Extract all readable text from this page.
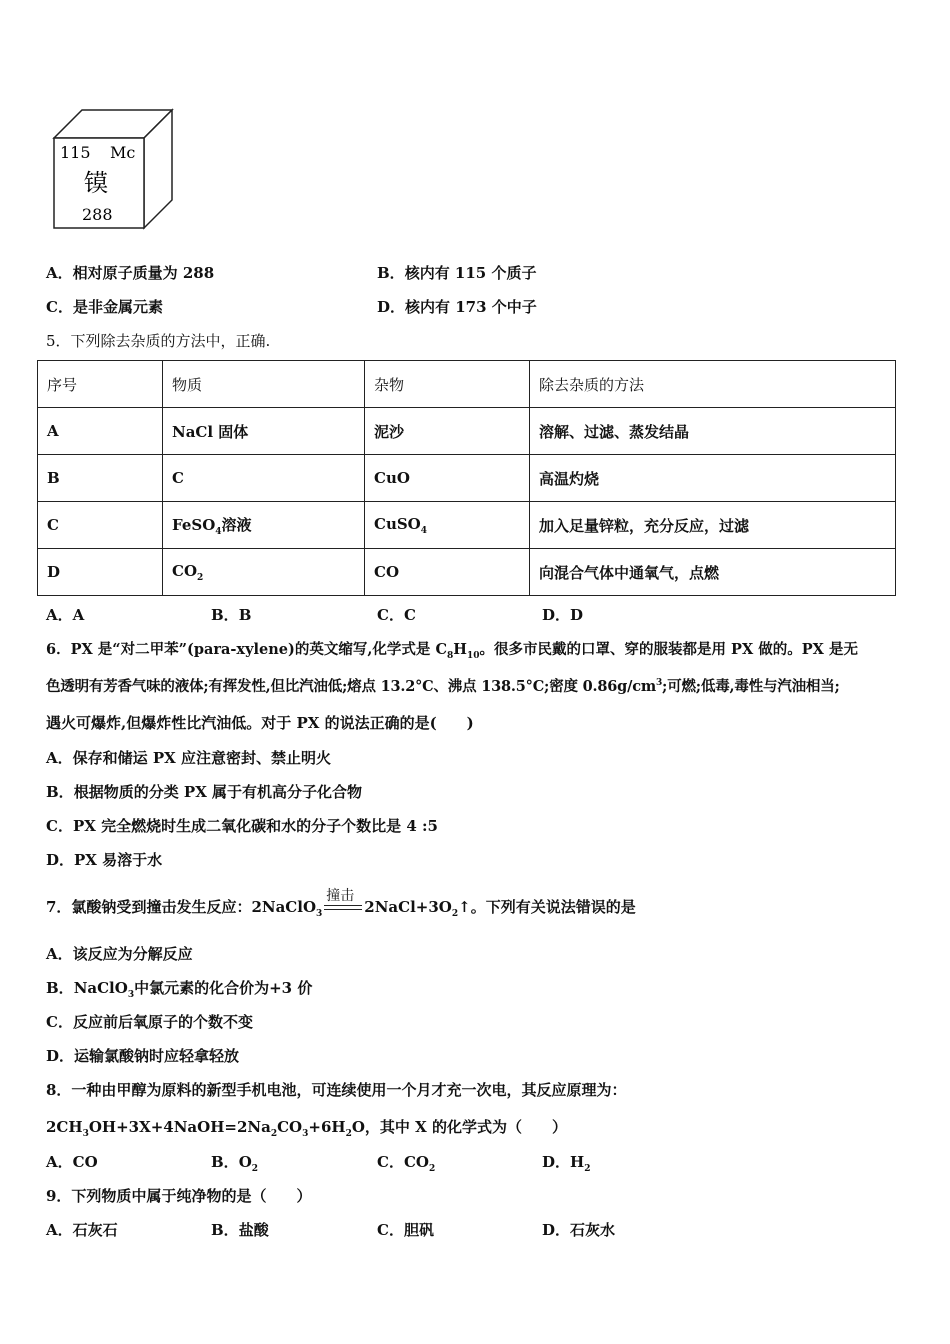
115 Mc
镆
288
A．相对原子质量为 288	B．核内有 115 个质子
C．是非金属元素	D．核内有 173 个中子
5．下列除去杂质的方法中，正确.
序号	物质	杂物	除去杂质的方法
A	NaCl 固体	泥沙	溶解、过滤、蒸发结晶
B	C	CuO	高温灼烧
C	FeSO$_4$溶液	CuSO$_4$	加入足量锌粒，充分反应，过滤
D	$CO_2$	CO	向混合气体中通氧气，点燃
A．A	B．B	C．C	D．D
6．PX 是“对二甲苯”(para-xylene)的英文缩写,化学式是 $C_8H_{10}$。很多市民戴的口罩、穿的服装都是用 PX 做的。PX 是无
色透明有芳香气味的液体;有挥发性,但比汽油低;熔点 13.2°C、沸点 138.5°C;密度 $0.86g/cm^3$;可燃;低毒,毒性与汽油相当;
遇火可爆炸,但爆炸性比汽油低。对于 PX 的说法正确的是(　　)
A．保存和储运 PX 应注意密封、禁止明火
B．根据物质的分类 PX 属于有机高分子化合物
C．PX 完全燃烧时生成二氧化碳和水的分子个数比是 4 :5
D．PX 易溶于水
7．氯酸钠受到撞击发生反应：2NaClO$_3$
撞击
$2NaCl+3O_2↑$。下列有关说法错误的是
A．该反应为分解反应
B．NaClO$_3$中氯元素的化合价为+3 价
C．反应前后氧原子的个数不变
D．运输氯酸钠时应轻拿轻放
8．一种由甲醇为原料的新型手机电池，可连续使用一个月才充一次电，其反应原理为：
$2CH_3OH+3X+4NaOH=2Na_2CO_3+6H_2O$，其中 X 的化学式为（　　）
A．CO	B．$O_2$	C．$CO_2$	D．$H_2$
9．下列物质中属于纯净物的是（　　）
A．石灰石	B．盐酸	C．胆矾	D．石灰水
